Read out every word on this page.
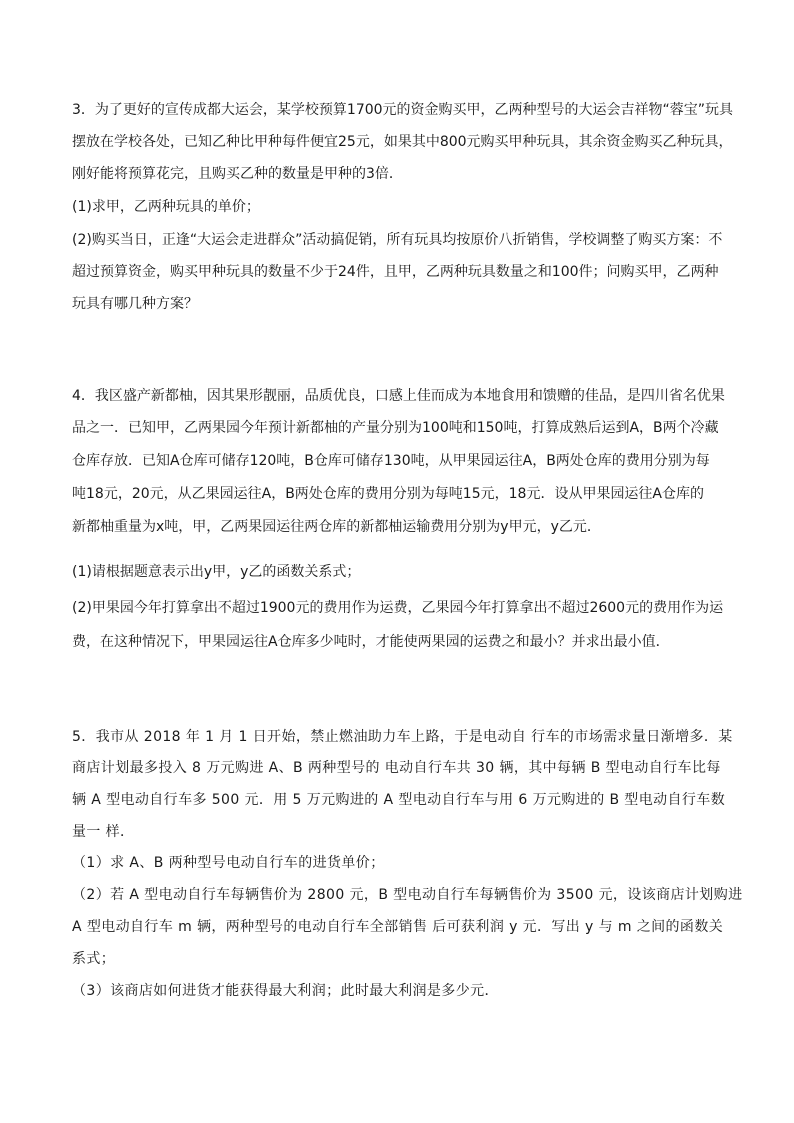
3．为了更好的宣传成都大运会，某学校预算1700元的资金购买甲，乙两种型号的大运会吉祥物“蓉宝”玩具
摆放在学校各处，已知乙种比甲种每件便宜25元，如果其中800元购买甲种玩具，其余资金购买乙种玩具，
刚好能将预算花完，且购买乙种的数量是甲种的3倍．
(1)求甲，乙两种玩具的单价；
(2)购买当日，正逢“大运会走进群众”活动搞促销，所有玩具均按原价八折销售，学校调整了购买方案：不
超过预算资金，购买甲种玩具的数量不少于24件，且甲，乙两种玩具数量之和100件；问购买甲，乙两种
玩具有哪几种方案？
4．我区盛产新都柚，因其果形靓丽，品质优良，口感上佳而成为本地食用和馈赠的佳品，是四川省名优果
品之一．已知甲，乙两果园今年预计新都柚的产量分别为100吨和150吨，打算成熟后运到A，B两个冷藏
仓库存放．已知A仓库可储存120吨，B仓库可储存130吨，从甲果园运往A，B两处仓库的费用分别为每
吨18元，20元，从乙果园运往A，B两处仓库的费用分别为每吨15元，18元．设从甲果园运往A仓库的
新都柚重量为x吨，甲，乙两果园运往两仓库的新都柚运输费用分别为y甲元，y乙元．
(1)请根据题意表示出y甲，y乙的函数关系式；
(2)甲果园今年打算拿出不超过1900元的费用作为运费，乙果园今年打算拿出不超过2600元的费用作为运
费，在这种情况下，甲果园运往A仓库多少吨时，才能使两果园的运费之和最小？并求出最小值．
5．我市从 2018 年 1 月 1 日开始，禁止燃油助力车上路，于是电动自 行车的市场需求量日渐增多．某
商店计划最多投入 8 万元购进 A、B 两种型号的 电动自行车共 30 辆，其中每辆 B 型电动自行车比每
辆 A 型电动自行车多 500 元．用 5 万元购进的 A 型电动自行车与用 6 万元购进的 B 型电动自行车数
量一 样．
（1）求 A、B 两种型号电动自行车的进货单价；
（2）若 A 型电动自行车每辆售价为 2800 元，B 型电动自行车每辆售价为 3500 元，设该商店计划购进
A 型电动自行车 m 辆，两种型号的电动自行车全部销售 后可获利润 y 元．写出 y 与 m 之间的函数关
系式；
（3）该商店如何进货才能获得最大利润；此时最大利润是多少元．
